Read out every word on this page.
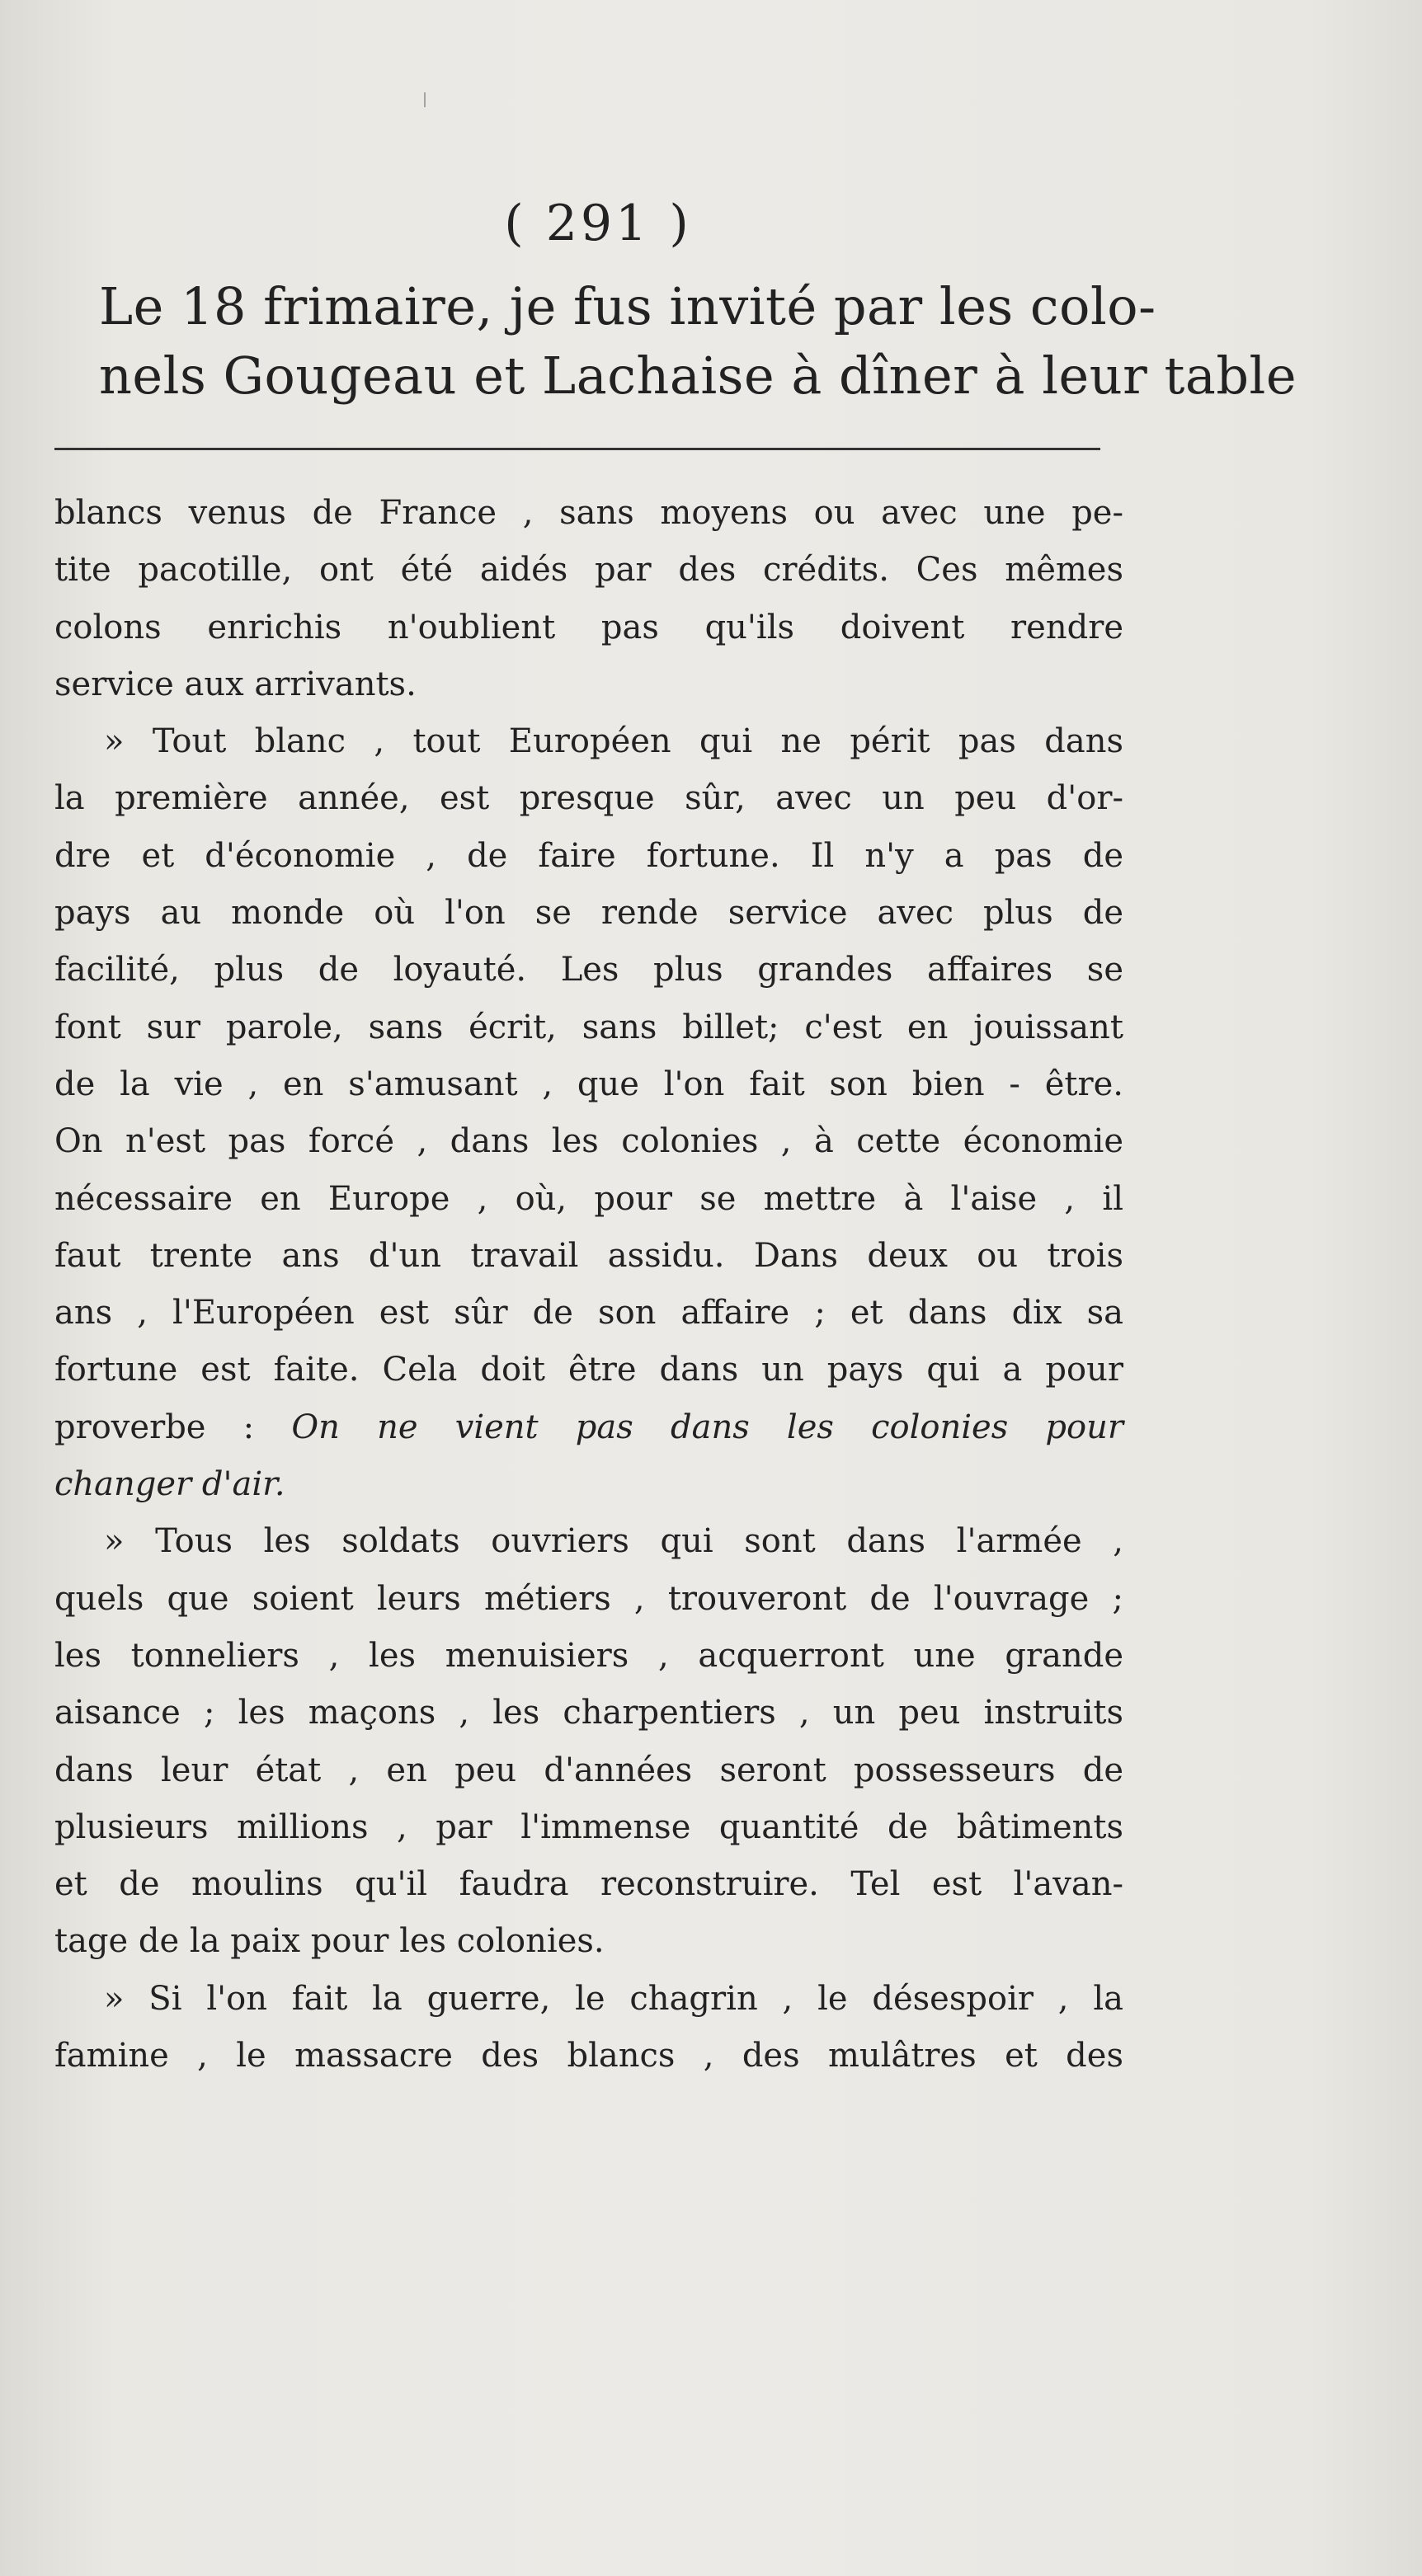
( 291 )
Le 18 frimaire, je fus invité par les colo-
nels Gougeau et Lachaise à dîner à leur table
blancs venus de France , sans moyens ou avec une pe-
tite pacotille, ont été aidés par des crédits. Ces mêmes
colons enrichis n'oublient pas qu'ils doivent rendre
service aux arrivants.
» Tout blanc , tout Européen qui ne périt pas dans
la première année, est presque sûr, avec un peu d'or-
dre et d'économie , de faire fortune. Il n'y a pas de
pays au monde où l'on se rende service avec plus de
facilité, plus de loyauté. Les plus grandes affaires se
font sur parole, sans écrit, sans billet; c'est en jouissant
de la vie , en s'amusant , que l'on fait son bien - être.
On n'est pas forcé , dans les colonies , à cette économie
nécessaire en Europe , où, pour se mettre à l'aise , il
faut trente ans d'un travail assidu. Dans deux ou trois
ans , l'Européen est sûr de son affaire ; et dans dix sa
fortune est faite. Cela doit être dans un pays qui a pour
proverbe : On ne vient pas dans les colonies pour
changer d'air.
» Tous les soldats ouvriers qui sont dans l'armée ,
quels que soient leurs métiers , trouveront de l'ouvrage ;
les tonneliers , les menuisiers , acquerront une grande
aisance ; les maçons , les charpentiers , un peu instruits
dans leur état , en peu d'années seront possesseurs de
plusieurs millions , par l'immense quantité de bâtiments
et de moulins qu'il faudra reconstruire. Tel est l'avan-
tage de la paix pour les colonies.
» Si l'on fait la guerre, le chagrin , le désespoir , la
famine , le massacre des blancs , des mulâtres et des
